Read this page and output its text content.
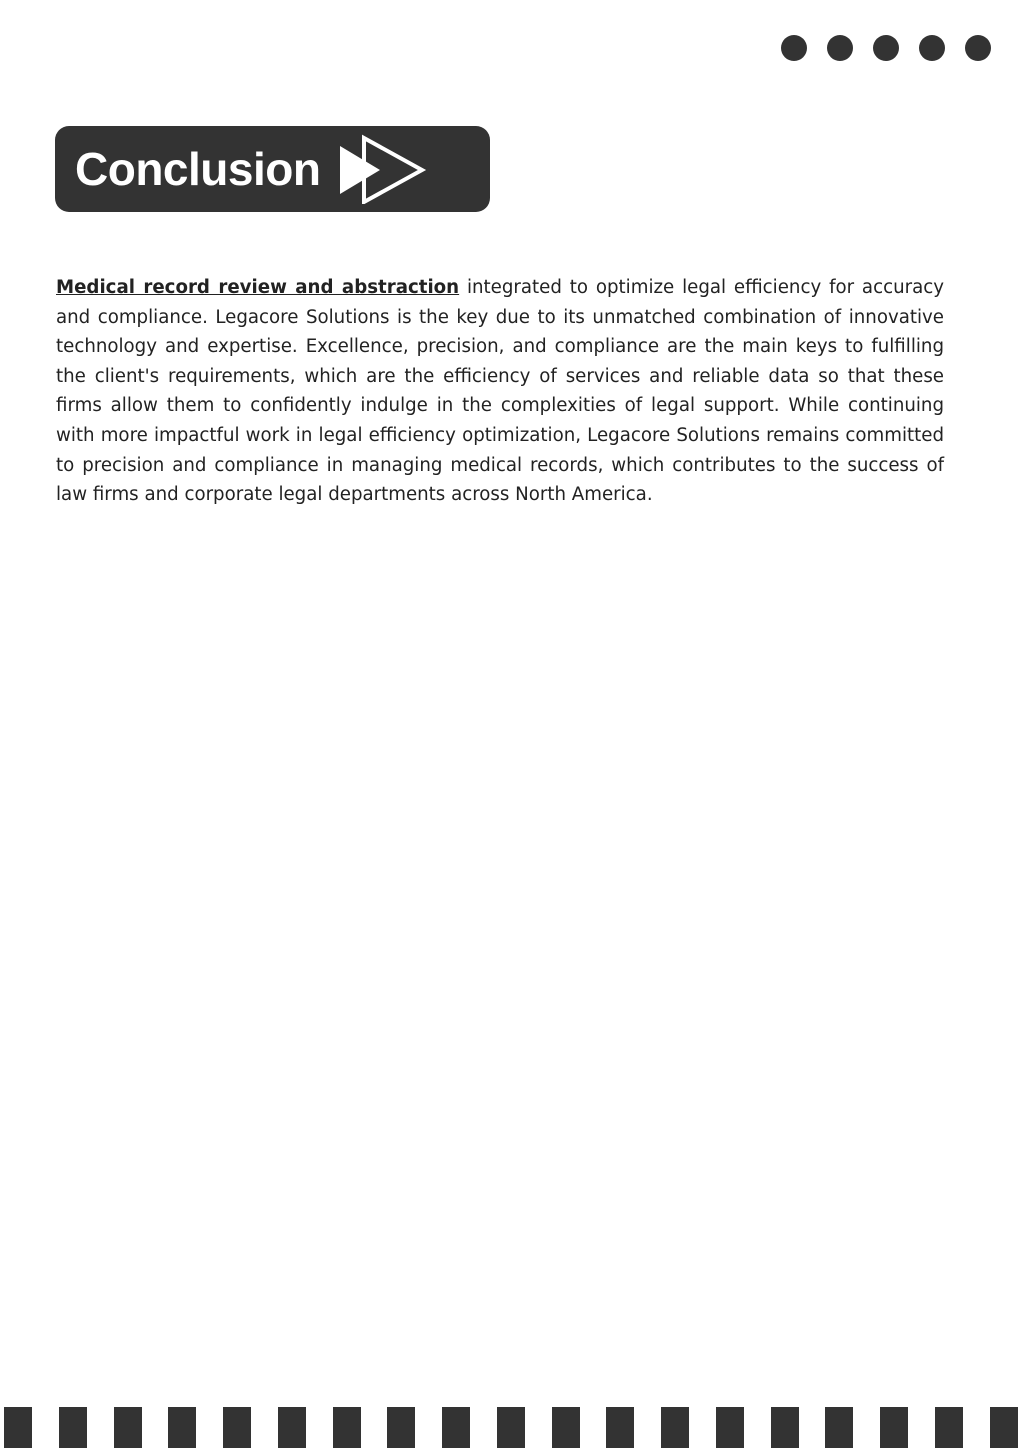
Conclusion

Medical record review and abstraction integrated to optimize legal efficiency for accuracy and compliance. Legacore Solutions is the key due to its unmatched combination of innovative technology and expertise. Excellence, precision, and compliance are the main keys to fulfilling the client's requirements, which are the efficiency of services and reliable data so that these firms allow them to confidently indulge in the complexities of legal support. While continuing with more impactful work in legal efficiency optimization, Legacore Solutions remains committed to precision and compliance in managing medical records, which contributes to the success of law firms and corporate legal departments across North America.
